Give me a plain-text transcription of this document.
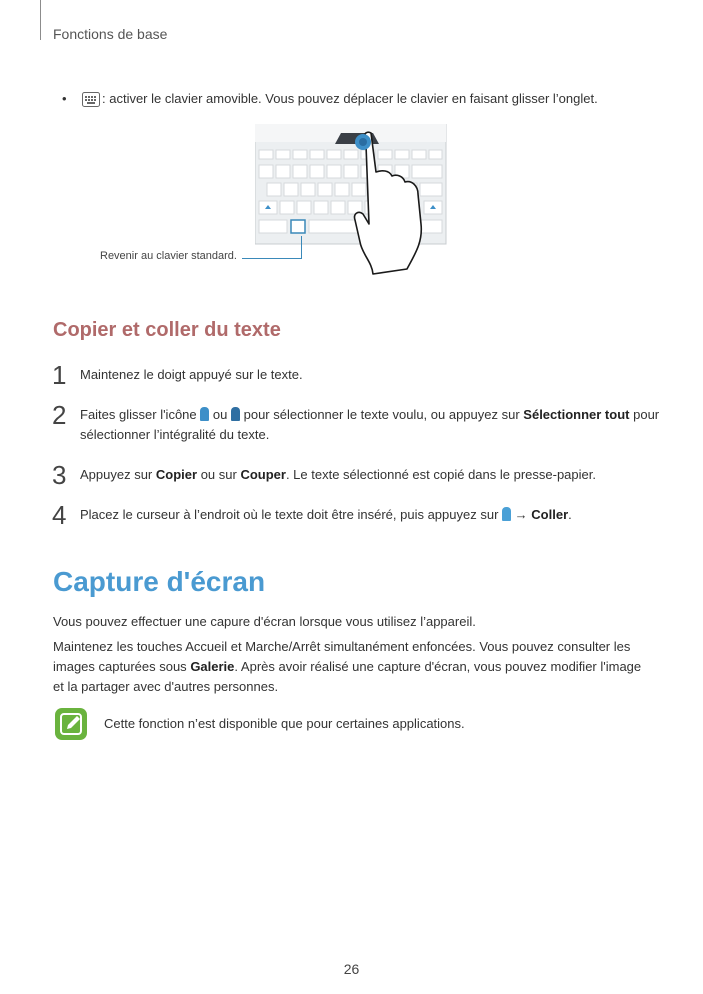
Fonctions de base
•	: activer le clavier amovible. Vous pouvez déplacer le clavier en faisant glisser l’onglet.
Revenir au clavier standard.
Copier et coller du texte
1 Maintenez le doigt appuyé sur le texte.
2 Faites glisser l'icône ou pour sélectionner le texte voulu, ou appuyez sur Sélectionner tout pour sélectionner l’intégralité du texte.
3 Appuyez sur Copier ou sur Couper. Le texte sélectionné est copié dans le presse-papier.
4 Placez le curseur à l’endroit où le texte doit être inséré, puis appuyez sur → Coller.
Capture d'écran
Vous pouvez effectuer une capure d'écran lorsque vous utilisez l’appareil.
Maintenez les touches Accueil et Marche/Arrêt simultanément enfoncées. Vous pouvez consulter les images capturées sous Galerie. Après avoir réalisé une capture d'écran, vous pouvez modifier l'image et la partager avec d'autres personnes.
Cette fonction n’est disponible que pour certaines applications.
26
